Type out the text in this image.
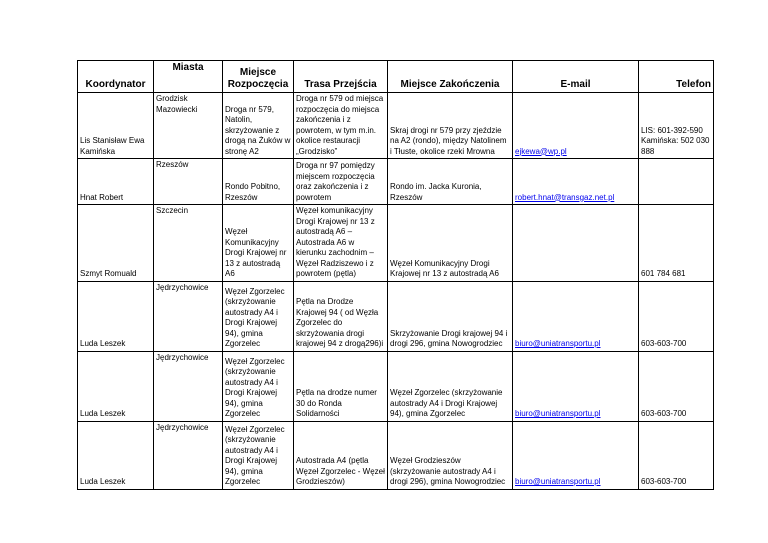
Koordynator	Miasta	Miejsce Rozpoczęcia	Trasa Przejścia	Miejsce Zakończenia	E-mail	Telefon
Lis Stanisław Ewa Kamińska	Grodzisk Mazowiecki	Droga nr 579, Natolin, skrzyżowanie z drogą na Żuków w stronę A2	Droga nr 579 od miejsca rozpoczęcia do miejsca zakończenia i z powrotem, w tym m.in. okolice restauracji „Grodzisko”	Skraj drogi nr 579 przy zjeździe na A2 (rondo), między Natolinem i Tłuste, okolice rzeki Mrowna	ejkewa@wp.pl	LIS: 601-392-590 Kamińska: 502 030 888
Hnat Robert	Rzeszów	Rondo Pobitno, Rzeszów	Droga nr 97 pomiędzy miejscem rozpoczęcia oraz zakończenia i z powrotem	Rondo im. Jacka Kuronia, Rzeszów	robert.hnat@transgaz.net.pl	
Szmyt Romuald	Szczecin	Węzeł Komunikacyjny Drogi Krajowej nr 13 z autostradą A6	Węzeł komunikacyjny Drogi Krajowej nr 13 z autostradą A6 – Autostrada A6 w kierunku zachodnim – Węzeł Radziszewo i z powrotem (pętla)	Węzeł Komunikacyjny Drogi Krajowej nr 13 z autostradą A6		601 784 681
Luda Leszek	Jędrzychowice	Węzeł Zgorzelec (skrzyżowanie autostrady A4 i Drogi Krajowej 94), gmina Zgorzelec	Pętla na Drodze Krajowej 94 ( od Węzła Zgorzelec do skrzyżowania drogi krajowej 94 z drogą296)i	Skrzyżowanie Drogi krajowej 94 i drogi 296, gmina Nowogrodziec	biuro@uniatransportu.pl	603-603-700
Luda Leszek	Jędrzychowice	Węzeł Zgorzelec (skrzyżowanie autostrady A4 i Drogi Krajowej 94), gmina Zgorzelec	Pętla na drodze numer 30 do Ronda Solidarności	Węzeł Zgorzelec (skrzyżowanie autostrady A4 i Drogi Krajowej 94), gmina Zgorzelec	biuro@uniatransportu.pl	603-603-700
Luda Leszek	Jędrzychowice	Węzeł Zgorzelec (skrzyżowanie autostrady A4 i Drogi Krajowej 94), gmina Zgorzelec	Autostrada A4 (pętla Węzeł Zgorzelec - Węzeł Grodzieszów)	Węzeł Grodzieszów (skrzyżowanie autostrady A4 i drogi 296), gmina Nowogrodziec	biuro@uniatransportu.pl	603-603-700
